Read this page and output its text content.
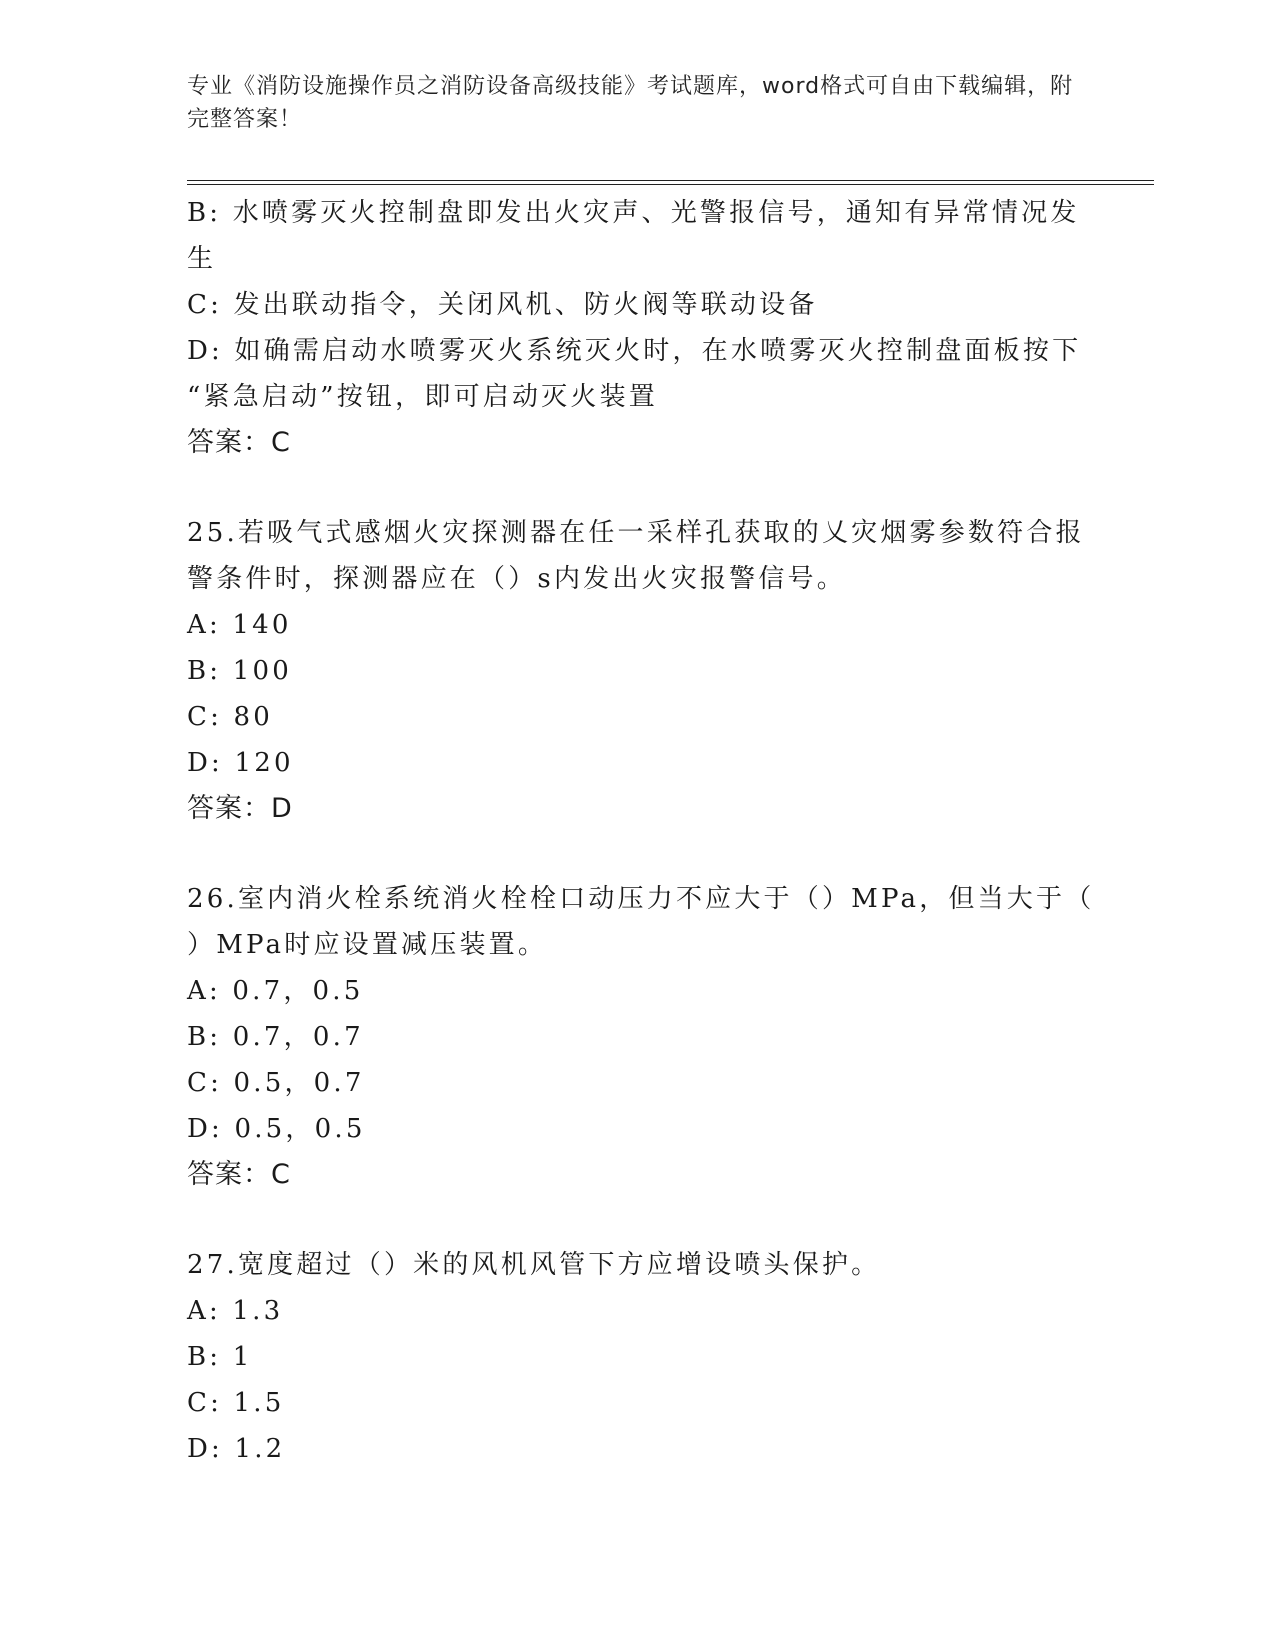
专业《消防设施操作员之消防设备高级技能》考试题库，word格式可自由下载编辑，附完整答案！
B: 水喷雾灭火控制盘即发出火灾声、光警报信号，通知有异常情况发
生
C: 发出联动指令，关闭风机、防火阀等联动设备
D: 如确需启动水喷雾灭火系统灭火时，在水喷雾灭火控制盘面板按下
“紧急启动”按钮，即可启动灭火装置
答案：C
25.若吸气式感烟火灾探测器在任一采样孔获取的乂灾烟雾参数符合报
警条件时，探测器应在（）s内发出火灾报警信号。
A: 140
B: 100
C: 80
D: 120
答案：D
26.室内消火栓系统消火栓栓口动压力不应大于（）MPa，但当大于（
）MPa时应设置减压装置。
A: 0.7，0.5
B: 0.7，0.7
C: 0.5，0.7
D: 0.5，0.5
答案：C
27.宽度超过（）米的风机风管下方应增设喷头保护。
A: 1.3
B: 1
C: 1.5
D: 1.2
